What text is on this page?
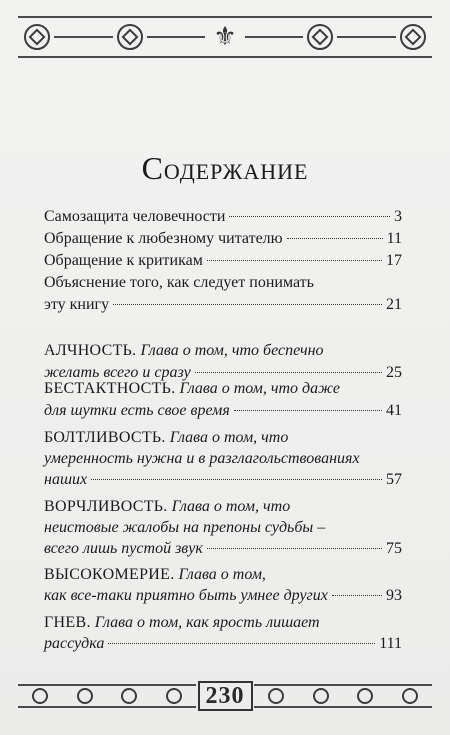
⚜

Содержание
Самозащита человечности	3
Обращение к любезному читателю	11
Обращение к критикам	17
Объяснение того, как следует понимать
эту книгу	21
АЛЧНОСТЬ. Глава о том, что беспечно
желать всего и сразу	25
БЕСТАКТНОСТЬ. Глава о том, что даже
для шутки есть свое время	41
БОЛТЛИВОСТЬ. Глава о том, что
умеренность нужна и в разглагольствованиях
наших	57
ВОРЧЛИВОСТЬ. Глава о том, что
неистовые жалобы на препоны судьбы –
всего лишь пустой звук	75
ВЫСОКОМЕРИЕ. Глава о том,
как все-таки приятно быть умнее других	93
ГНЕВ. Глава о том, как ярость лишает
рассудка	111
230
